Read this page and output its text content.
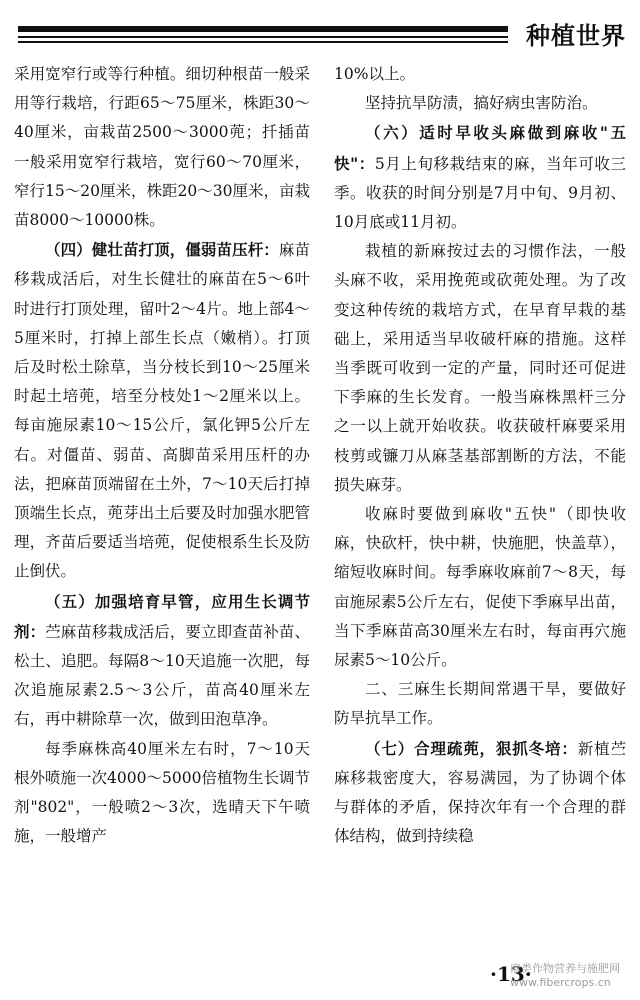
种植世界

采用宽窄行或等行种植。细切种根苗一般采用等行栽培，行距65～75厘米，株距30～40厘米，亩栽苗2500～3000蔸；扦插苗一般采用宽窄行栽培，宽行60～70厘米，窄行15～20厘米，株距20～30厘米，亩栽苗8000～10000株。

（四）健壮苗打顶，僵弱苗压杆：麻苗移栽成活后，对生长健壮的麻苗在5～6叶时进行打顶处理，留叶2～4片。地上部4～5厘米时，打掉上部生长点（嫩梢）。打顶后及时松土除草，当分枝长到10～25厘米时起土培蔸，培至分枝处1～2厘米以上。每亩施尿素10～15公斤，氯化钾5公斤左右。对僵苗、弱苗、高脚苗采用压杆的办法，把麻苗顶端留在土外，7～10天后打掉顶端生长点，蔸芽出土后要及时加强水肥管理，齐苗后要适当培蔸，促使根系生长及防止倒伏。

（五）加强培育早管，应用生长调节剂：苎麻苗移栽成活后，要立即查苗补苗、松土、追肥。每隔8～10天追施一次肥，每次追施尿素2.5～3公斤，苗高40厘米左右，再中耕除草一次，做到田泡草净。

每季麻株高40厘米左右时，7～10天根外喷施一次4000～5000倍植物生长调节剂"802"，一般喷2～3次，选晴天下午喷施，一般增产

10%以上。

坚持抗旱防渍，搞好病虫害防治。

（六）适时早收头麻做到麻收"五快"：5月上旬移栽结束的麻，当年可收三季。收获的时间分别是7月中旬、9月初、10月底或11月初。

栽植的新麻按过去的习惯作法，一般头麻不收，采用挽蔸或砍蔸处理。为了改变这种传统的栽培方式，在早育早栽的基础上，采用适当早收破杆麻的措施。这样当季既可收到一定的产量，同时还可促进下季麻的生长发育。一般当麻株黑杆三分之一以上就开始收获。收获破杆麻要采用枝剪或镰刀从麻茎基部割断的方法，不能损失麻芽。

收麻时要做到麻收"五快"（即快收麻，快砍杆，快中耕，快施肥，快盖草），缩短收麻时间。每季麻收麻前7～8天，每亩施尿素5公斤左右，促使下季麻早出苗，当下季麻苗高30厘米左右时，每亩再穴施尿素5～10公斤。

二、三麻生长期间常遇干旱，要做好防旱抗旱工作。

（七）合理疏蔸，狠抓冬培：新植苎麻移栽密度大，容易满园，为了协调个体与群体的矛盾，保持次年有一个合理的群体结构，做到持续稳

·13·
麻类作物营养与施肥网
www.fibercrops.cn
